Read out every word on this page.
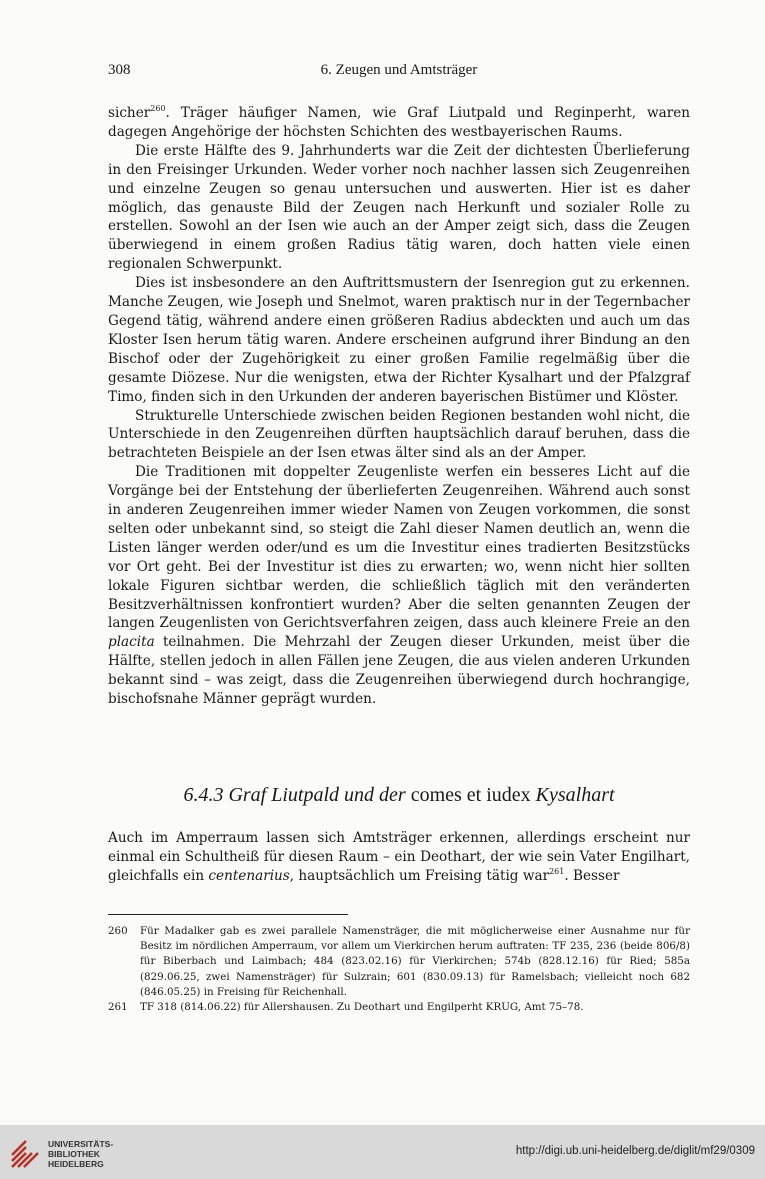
308	6. Zeugen und Amtsträger

sicher$^{260}$. Träger häufiger Namen, wie Graf Liutpald und Reginperht, waren dagegen Angehörige der höchsten Schichten des westbayerischen Raums.

Die erste Hälfte des 9. Jahrhunderts war die Zeit der dichtesten Überlieferung in den Freisinger Urkunden. Weder vorher noch nachher lassen sich Zeugenreihen und einzelne Zeugen so genau untersuchen und auswerten. Hier ist es daher möglich, das genauste Bild der Zeugen nach Herkunft und sozialer Rolle zu erstellen. Sowohl an der Isen wie auch an der Amper zeigt sich, dass die Zeugen überwiegend in einem großen Radius tätig waren, doch hatten viele einen regionalen Schwerpunkt.

Dies ist insbesondere an den Auftrittsmustern der Isenregion gut zu erkennen. Manche Zeugen, wie Joseph und Snelmot, waren praktisch nur in der Tegernbacher Gegend tätig, während andere einen größeren Radius abdeckten und auch um das Kloster Isen herum tätig waren. Andere erscheinen aufgrund ihrer Bindung an den Bischof oder der Zugehörigkeit zu einer großen Familie regelmäßig über die gesamte Diözese. Nur die wenigsten, etwa der Richter Kysalhart und der Pfalzgraf Timo, finden sich in den Urkunden der anderen bayerischen Bistümer und Klöster.

Strukturelle Unterschiede zwischen beiden Regionen bestanden wohl nicht, die Unterschiede in den Zeugenreihen dürften hauptsächlich darauf beruhen, dass die betrachteten Beispiele an der Isen etwas älter sind als an der Amper.

Die Traditionen mit doppelter Zeugenliste werfen ein besseres Licht auf die Vorgänge bei der Entstehung der überlieferten Zeugenreihen. Während auch sonst in anderen Zeugenreihen immer wieder Namen von Zeugen vorkommen, die sonst selten oder unbekannt sind, so steigt die Zahl dieser Namen deutlich an, wenn die Listen länger werden oder/und es um die Investitur eines tradierten Besitzstücks vor Ort geht. Bei der Investitur ist dies zu erwarten; wo, wenn nicht hier sollten lokale Figuren sichtbar werden, die schließlich täglich mit den veränderten Besitzverhältnissen konfrontiert wurden? Aber die selten genannten Zeugen der langen Zeugenlisten von Gerichtsverfahren zeigen, dass auch kleinere Freie an den placita teilnahmen. Die Mehrzahl der Zeugen dieser Urkunden, meist über die Hälfte, stellen jedoch in allen Fällen jene Zeugen, die aus vielen anderen Urkunden bekannt sind – was zeigt, dass die Zeugenreihen überwiegend durch hochrangige, bischofsnahe Männer geprägt wurden.

6.4.3 Graf Liutpald und der comes et iudex Kysalhart

Auch im Amperraum lassen sich Amtsträger erkennen, allerdings erscheint nur einmal ein Schultheiß für diesen Raum – ein Deothart, der wie sein Vater Engilhart, gleichfalls ein centenarius, hauptsächlich um Freising tätig war$^{261}$. Besser

260	Für Madalker gab es zwei parallele Namensträger, die mit möglicherweise einer Ausnahme nur für Besitz im nördlichen Amperraum, vor allem um Vierkirchen herum auftraten: TF 235, 236 (beide 806/8) für Biberbach und Laimbach; 484 (823.02.16) für Vierkirchen; 574b (828.12.16) für Ried; 585a (829.06.25, zwei Namensträger) für Sulzrain; 601 (830.09.13) für Ramelsbach; vielleicht noch 682 (846.05.25) in Freising für Reichenhall.
261	TF 318 (814.06.22) für Allershausen. Zu Deothart und Engilperht KRUG, Amt 75–78.
UNIVERSITÄTS-
BIBLIOTHEK
HEIDELBERG
http://digi.ub.uni-heidelberg.de/diglit/mf29/0309
